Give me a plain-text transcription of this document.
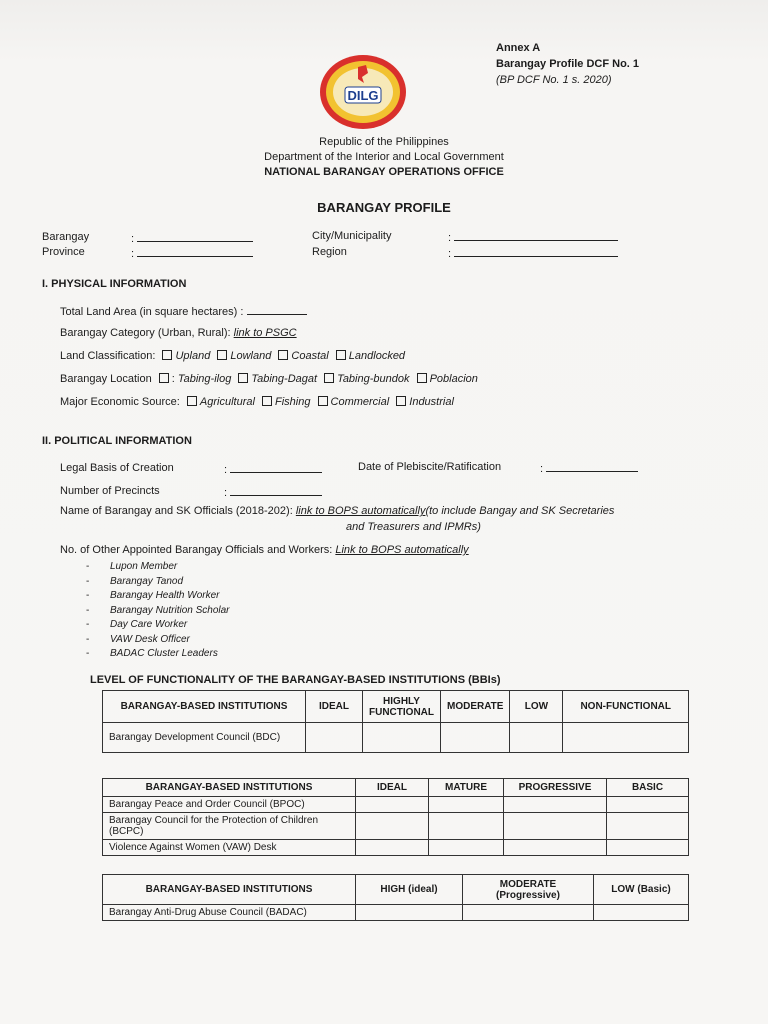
Annex A
Barangay Profile DCF No. 1
(BP DCF No. 1 s. 2020)
DILG
Republic of the Philippines
Department of the Interior and Local Government
NATIONAL BARANGAY OPERATIONS OFFICE
BARANGAY PROFILE
Barangay	:
Province	:
City/Municipality	:
Region	:
I. PHYSICAL INFORMATION
Total Land Area (in square hectares) :
Barangay Category (Urban, Rural): link to PSGC
Land Classification: Upland Lowland Coastal Landlocked
Barangay Location : Tabing-ilog Tabing-Dagat Tabing-bundok Poblacion
Major Economic Source: Agricultural Fishing Commercial Industrial
II. POLITICAL INFORMATION
Legal Basis of Creation	:	Date of Plebiscite/Ratification	:
Number of Precincts	:
Name of Barangay and SK Officials (2018-202): link to BOPS automatically(to include Bangay and SK Secretaries
and Treasurers and IPMRs)
No. of Other Appointed Barangay Officials and Workers: Link to BOPS automatically
- Lupon Member
- Barangay Tanod
- Barangay Health Worker
- Barangay Nutrition Scholar
- Day Care Worker
- VAW Desk Officer
- BADAC Cluster Leaders
LEVEL OF FUNCTIONALITY OF THE BARANGAY-BASED INSTITUTIONS (BBIs)
BARANGAY-BASED INSTITUTIONS	IDEAL	HIGHLY FUNCTIONAL	MODERATE	LOW	NON-FUNCTIONAL
Barangay Development Council (BDC)					
BARANGAY-BASED INSTITUTIONS	IDEAL	MATURE	PROGRESSIVE	BASIC
Barangay Peace and Order Council (BPOC)				
Barangay Council for the Protection of Children (BCPC)				
Violence Against Women (VAW) Desk				
BARANGAY-BASED INSTITUTIONS	HIGH (ideal)	MODERATE (Progressive)	LOW (Basic)
Barangay Anti-Drug Abuse Council (BADAC)			
